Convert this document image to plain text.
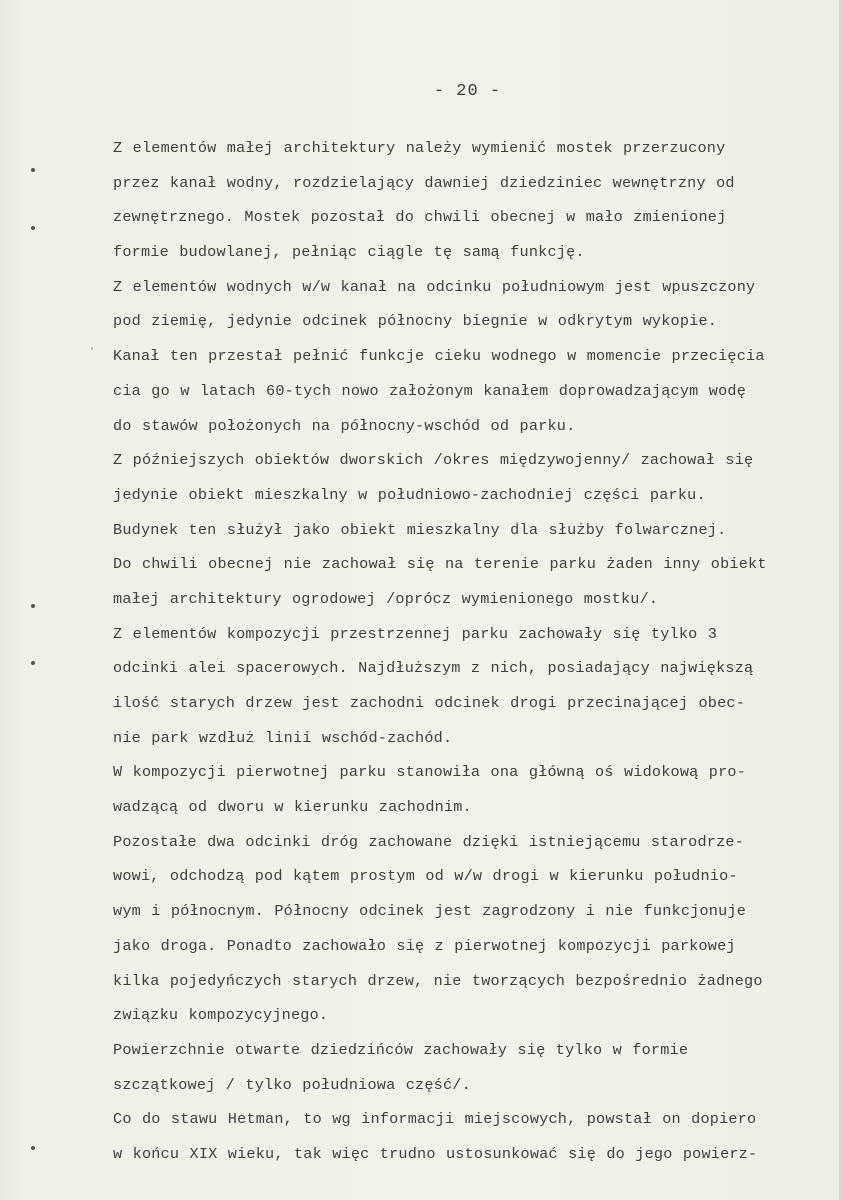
ʼ
- 20 -
Z elementów małej architektury należy wymienić mostek przerzucony
przez kanał wodny, rozdzielający dawniej dziedziniec wewnętrzny od
zewnętrznego. Mostek pozostał do chwili obecnej w mało zmienionej
formie budowlanej, pełniąc ciągle tę samą funkcję.
Z elementów wodnych w/w kanał na odcinku południowym jest wpuszczony
pod ziemię, jedynie odcinek północny biegnie w odkrytym wykopie.
Kanał ten przestał pełnić funkcje cieku wodnego w momencie przecięcia
cia go w latach 60-tych nowo założonym kanałem doprowadzającym wodę
do stawów położonych na północny-wschód od parku.
Z późniejszych obiektów dworskich /okres międzywojenny/ zachował się
jedynie obiekt mieszkalny w południowo-zachodniej części parku.
Budynek ten służył jako obiekt mieszkalny dla służby folwarcznej.
Do chwili obecnej nie zachował się na terenie parku żaden inny obiekt
małej architektury ogrodowej /oprócz wymienionego mostku/.
Z elementów kompozycji przestrzennej parku zachowały się tylko 3
odcinki alei spacerowych. Najdłuższym z nich, posiadający największą
ilość starych drzew jest zachodni odcinek drogi przecinającej obec-
nie park wzdłuż linii wschód-zachód.
W kompozycji pierwotnej parku stanowiła ona główną oś widokową pro-
wadzącą od dworu w kierunku zachodnim.
Pozostałe dwa odcinki dróg zachowane dzięki istniejącemu starodrze-
wowi, odchodzą pod kątem prostym od w/w drogi w kierunku południo-
wym i północnym. Północny odcinek jest zagrodzony i nie funkcjonuje
jako droga. Ponadto zachowało się z pierwotnej kompozycji parkowej
kilka pojedyńczych starych drzew, nie tworzących bezpośrednio żadnego
związku kompozycyjnego.
Powierzchnie otwarte dziedzińców zachowały się tylko w formie
szczątkowej / tylko południowa część/.
Co do stawu Hetman, to wg informacji miejscowych, powstał on dopiero
w końcu XIX wieku, tak więc trudno ustosunkować się do jego powierz-
